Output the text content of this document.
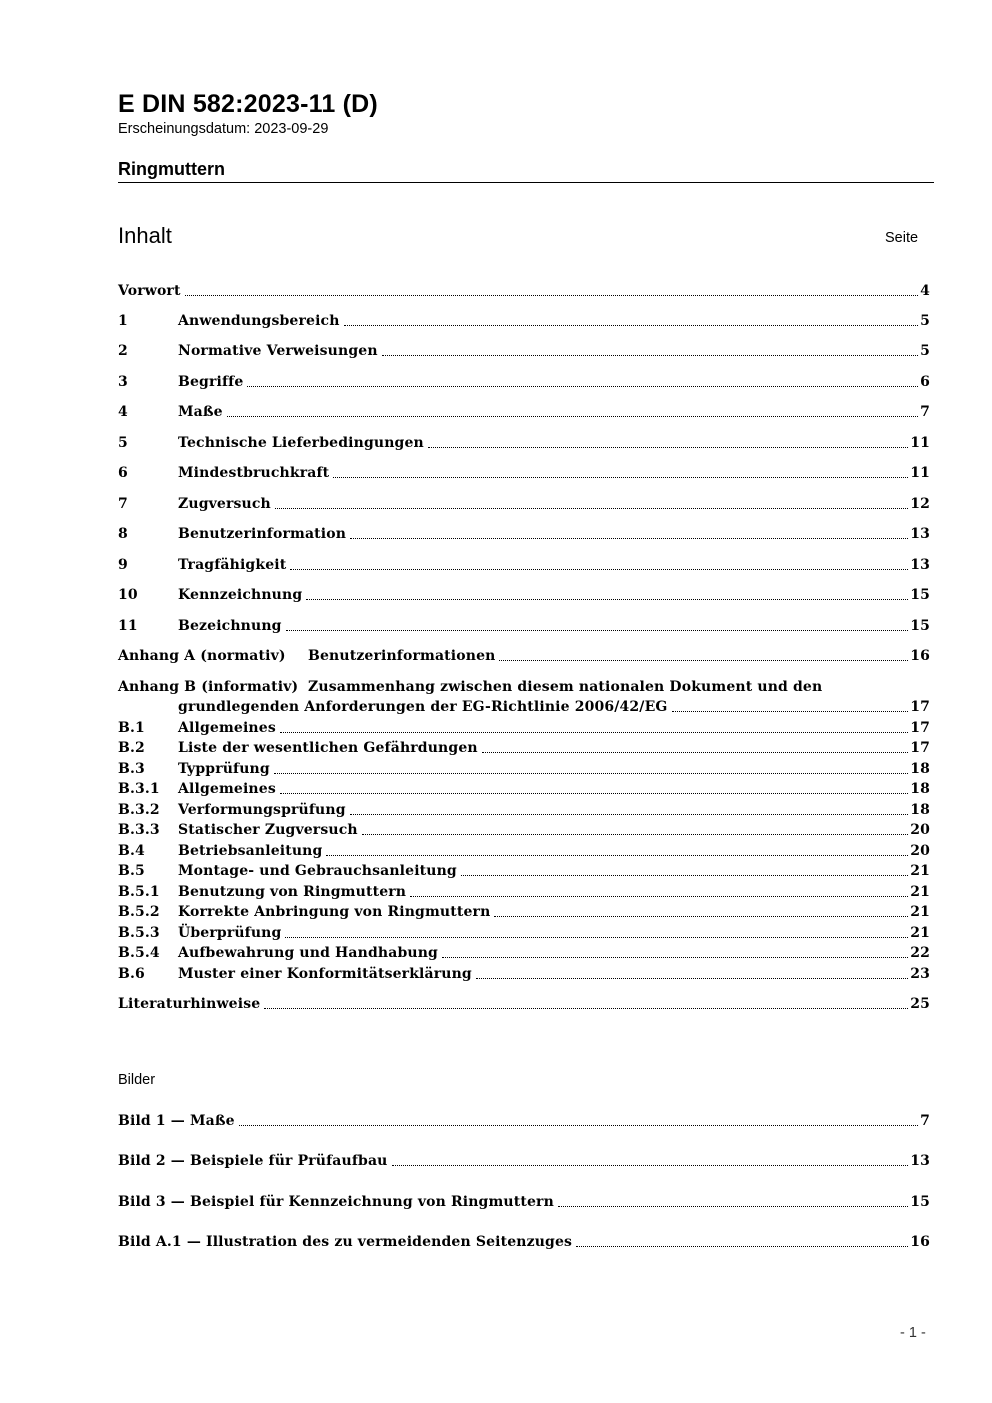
E DIN 582:2023-11 (D)
Erscheinungsdatum: 2023-09-29
Ringmuttern
Inhalt	Seite
Vorwort	4
1	Anwendungsbereich	5
2	Normative Verweisungen	5
3	Begriffe	6
4	Maße	7
5	Technische Lieferbedingungen	11
6	Mindestbruchkraft	11
7	Zugversuch	12
8	Benutzerinformation	13
9	Tragfähigkeit	13
10	Kennzeichnung	15
11	Bezeichnung	15
Anhang A (normativ)	Benutzerinformationen	16
Anhang B (informativ) Zusammenhang zwischen diesem nationalen Dokument und den
grundlegenden Anforderungen der EG-Richtlinie 2006/42/EG	17
B.1	Allgemeines	17
B.2	Liste der wesentlichen Gefährdungen	17
B.3	Typprüfung	18
B.3.1	Allgemeines	18
B.3.2	Verformungsprüfung	18
B.3.3	Statischer Zugversuch	20
B.4	Betriebsanleitung	20
B.5	Montage- und Gebrauchsanleitung	21
B.5.1	Benutzung von Ringmuttern	21
B.5.2	Korrekte Anbringung von Ringmuttern	21
B.5.3	Überprüfung	21
B.5.4	Aufbewahrung und Handhabung	22
B.6	Muster einer Konformitätserklärung	23
Literaturhinweise	25
Bilder
Bild 1 — Maße	7
Bild 2 — Beispiele für Prüfaufbau	13
Bild 3 — Beispiel für Kennzeichnung von Ringmuttern	15
Bild A.1 — Illustration des zu vermeidenden Seitenzuges	16
- 1 -
